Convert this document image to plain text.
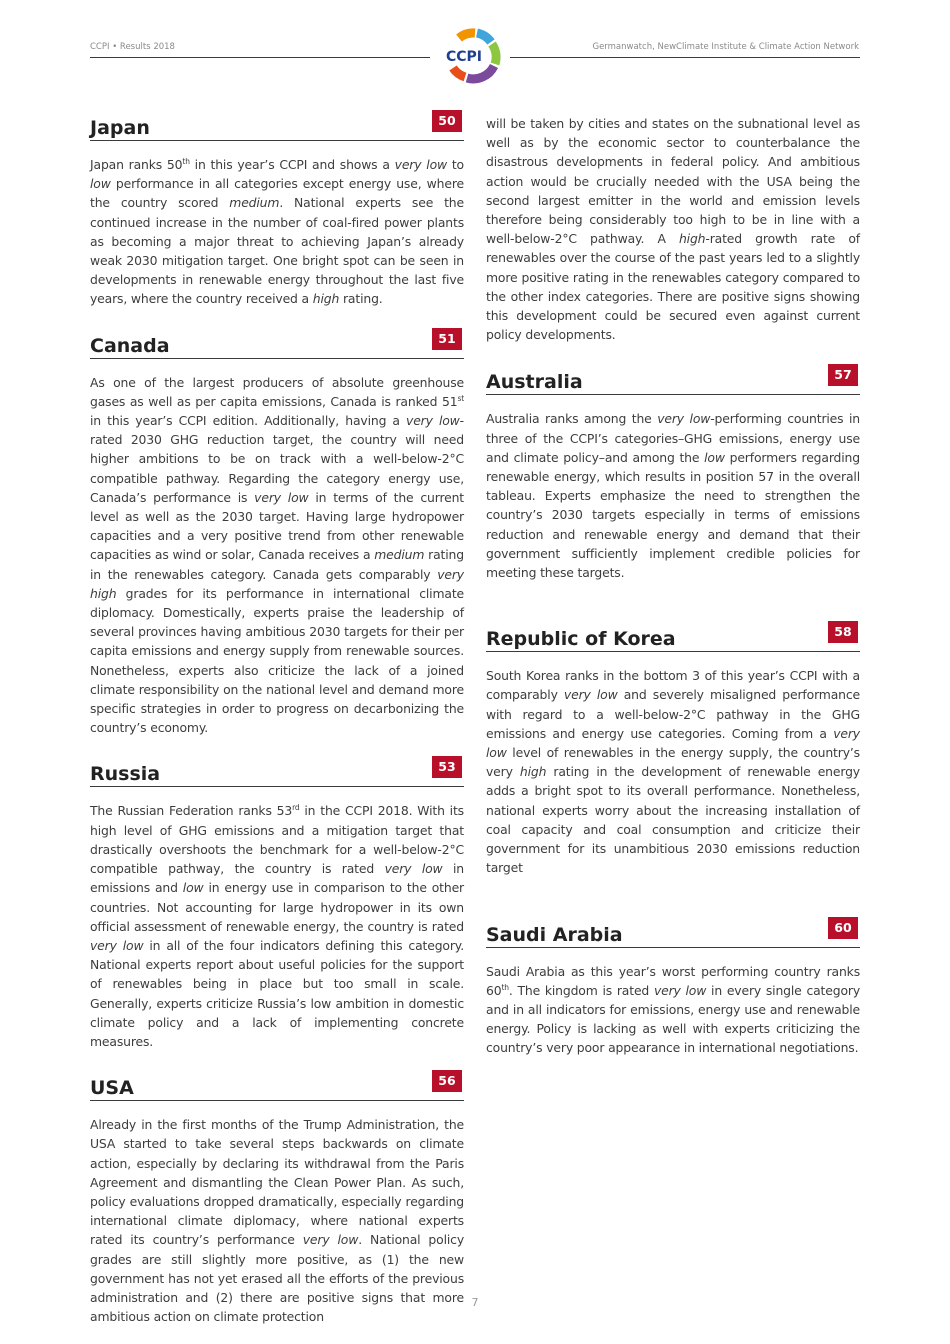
CCPI • Results 2018	Germanwatch, NewClimate Institute & Climate Action Network
CCPI
Japan	50

Japan ranks 50th in this year’s CCPI and shows a very low to low performance in all categories except energy use, where the country scored medium. National experts see the continued increase in the number of coal-fired power plants as becoming a major threat to achieving Japan’s already weak 2030 mitigation target. One bright spot can be seen in developments in renewable energy throughout the last five years, where the country received a high rating.

Canada	51

As one of the largest producers of absolute greenhouse gases as well as per capita emissions, Canada is ranked 51st in this year’s CCPI edition. Additionally, having a very low-rated 2030 GHG reduction target, the country will need higher ambitions to be on track with a well-below-2°C compatible pathway. Regarding the category energy use, Canada’s performance is very low in terms of the current level as well as the 2030 target. Having large hydropower capacities and a very positive trend from other renewable capacities as wind or solar, Canada receives a medium rating in the renewables category. Canada gets comparably very high grades for its performance in international climate diplomacy. Domestically, experts praise the leadership of several provinces having ambitious 2030 targets for their per capita emissions and energy supply from renewable sources. Nonetheless, experts also criticize the lack of a joined climate responsibility on the national level and demand more specific strategies in order to progress on decarbonizing the country’s economy.

Russia	53

The Russian Federation ranks 53rd in the CCPI 2018. With its high level of GHG emissions and a mitigation target that drastically overshoots the benchmark for a well-below-2°C compatible pathway, the country is rated very low in emissions and low in energy use in comparison to the other countries. Not accounting for large hydropower in its own official assessment of renewable energy, the country is rated very low in all of the four indicators defining this category. National experts report about useful policies for the support of renewables being in place but too small in scale. Generally, experts criticize Russia’s low ambition in domestic climate policy and a lack of implementing concrete measures.

USA	56

Already in the first months of the Trump Administration, the USA started to take several steps backwards on climate action, especially by declaring its withdrawal from the Paris Agreement and dismantling the Clean Power Plan. As such, policy evaluations dropped dramatically, especially regarding international climate diplomacy, where national experts rated its country’s performance very low. National policy grades are still slightly more positive, as (1) the new government has not yet erased all the efforts of the previous administration and (2) there are positive signs that more ambitious action on climate protection

will be taken by cities and states on the subnational level as well as by the economic sector to counterbalance the disastrous developments in federal policy. And ambitious action would be crucially needed with the USA being the second largest emitter in the world and emission levels therefore being considerably too high to be in line with a well-below-2°C pathway. A high-rated growth rate of renewables over the course of the past years led to a slightly more positive rating in the renewables category compared to the other index categories. There are positive signs showing this development could be secured even against current policy developments.

Australia	57

Australia ranks among the very low-performing countries in three of the CCPI’s categories–GHG emissions, energy use and climate policy–and among the low performers regarding renewable energy, which results in position 57 in the overall tableau. Experts emphasize the need to strengthen the country’s 2030 targets especially in terms of emissions reduction and renewable energy and demand that their government sufficiently implement credible policies for meeting these targets.

Republic of Korea	58

South Korea ranks in the bottom 3 of this year’s CCPI with a comparably very low and severely misaligned performance with regard to a well-below-2°C pathway in the GHG emissions and energy use categories. Coming from a very low level of renewables in the energy supply, the country’s very high rating in the development of renewable energy adds a bright spot to its overall performance. Nonetheless, national experts worry about the increasing installation of coal capacity and coal consumption and criticize their government for its unambitious 2030 emissions reduction target

Saudi Arabia	60

Saudi Arabia as this year’s worst performing country ranks 60th. The kingdom is rated very low in every single category and in all indicators for emissions, energy use and renewable energy. Policy is lacking as well with experts criticizing the country’s very poor appearance in international negotiations.

7
